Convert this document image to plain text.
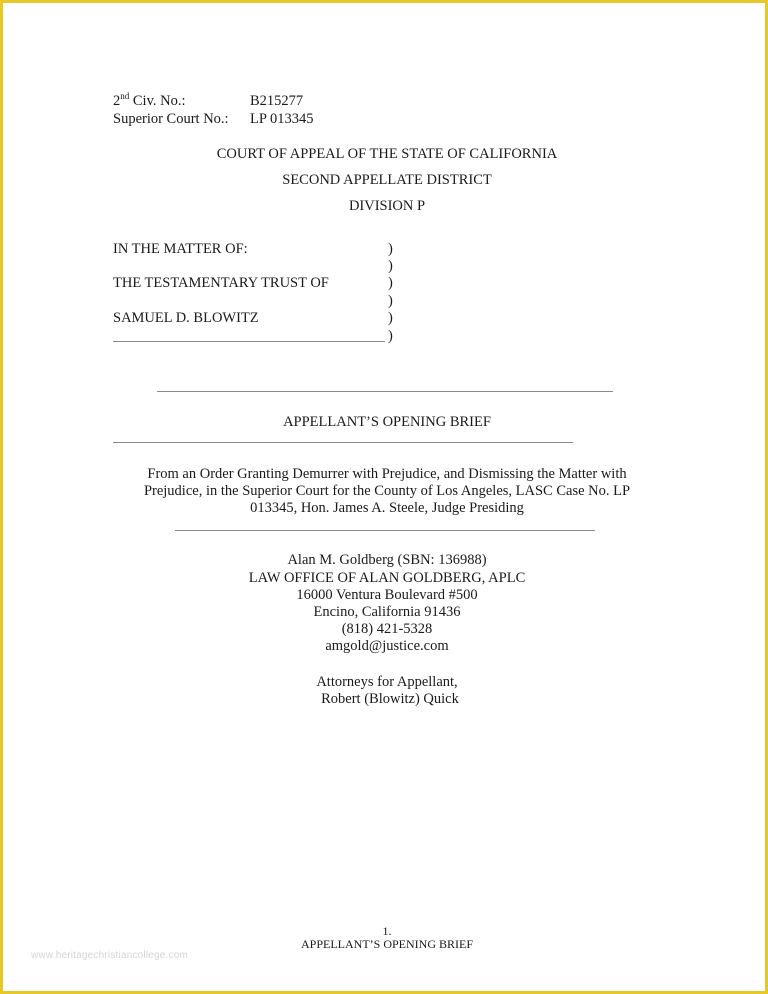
2nd Civ. No.:	B215277
Superior Court No.: LP 013345
COURT OF APPEAL OF THE STATE OF CALIFORNIA
SECOND APPELLATE DISTRICT
DIVISION P
IN THE MATTER OF:
THE TESTAMENTARY TRUST OF
SAMUEL D. BLOWITZ
)
)
)
)
)
)
APPELLANT’S OPENING BRIEF
From an Order Granting Demurrer with Prejudice, and Dismissing the Matter with
Prejudice, in the Superior Court for the County of Los Angeles, LASC Case No. LP
013345, Hon. James A. Steele, Judge Presiding
Alan M. Goldberg (SBN: 136988)
LAW OFFICE OF ALAN GOLDBERG, APLC
16000 Ventura Boulevard #500
Encino, California 91436
(818) 421-5328
amgold@justice.com
Attorneys for Appellant,
Robert (Blowitz) Quick
1.
APPELLANT’S OPENING BRIEF
www.heritagechristiancollege.com
